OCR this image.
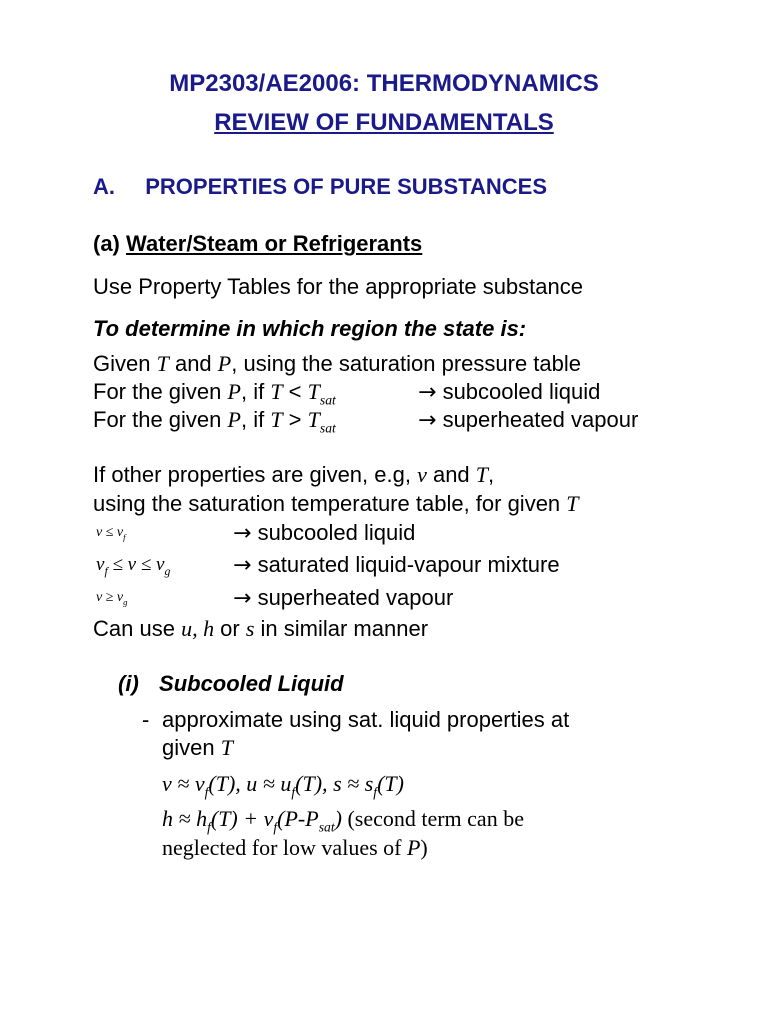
MP2303/AE2006: THERMODYNAMICS
REVIEW OF FUNDAMENTALS
A. PROPERTIES OF PURE SUBSTANCES
(a) Water/Steam or Refrigerants
Use Property Tables for the appropriate substance
To determine in which region the state is:
Given T and P, using the saturation pressure table
For the given P, if $T < T_{sat}$	→ subcooled liquid
For the given P, if $T > T_{sat}$	→ superheated vapour
If other properties are given, e.g, v and T,
using the saturation temperature table, for given T
$v \le v_f$	→ subcooled liquid
$v_f \le v \le v_g$	→ saturated liquid-vapour mixture
$v \ge v_g$	→ superheated vapour
Can use u, h or s in similar manner
(i) Subcooled Liquid
- approximate using sat. liquid properties at
given T
$v \approx v_f(T)$, $u \approx u_f(T)$, $s \approx s_f(T)$
$h \approx h_f(T) + v_f(P-P_{sat})$ (second term can be
neglected for low values of P)
